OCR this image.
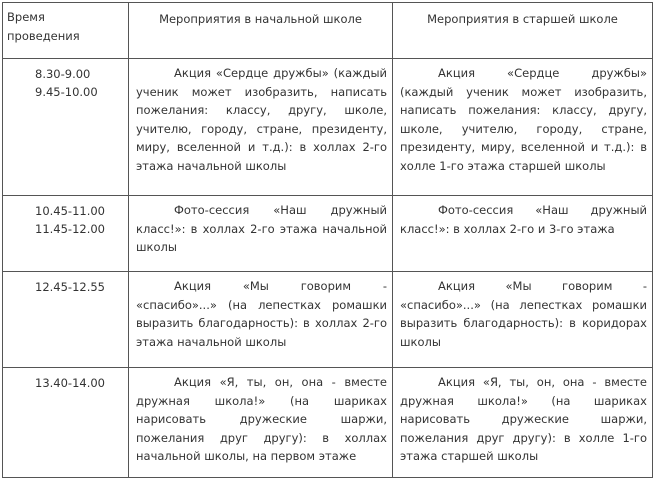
Время
проведения	Мероприятия в начальной школе	Мероприятия в старшей школе

8.30-9.00
9.45-10.00	Акция «Сердце дружбы» (каждый ученик может изобразить, написать пожелания: классу, другу, школе, учителю, городу, стране, президенту, миру, вселенной и т.д.): в холлах 2-го этажа начальной школы	Акция «Сердце дружбы» (каждый ученик может изобразить, написать пожелания: классу, другу, школе, учителю, городу, стране, президенту, миру, вселенной и т.д.): в холле 1-го этажа старшей школы

10.45-11.00
11.45-12.00	Фото-сессия «Наш дружный класс!»: в холлах 2-го этажа начальной школы	Фото-сессия «Наш дружный класс!»: в холлах 2-го и 3-го этажа

12.45-12.55	Акция «Мы говорим - «спасибо»...» (на лепестках ромашки выразить благодарность): в холлах 2-го этажа начальной школы	Акция «Мы говорим - «спасибо»...» (на лепестках ромашки выразить благодарность): в коридорах школы

13.40-14.00	Акция «Я, ты, он, она - вместе дружная школа!» (на шариках нарисовать дружеские шаржи, пожелания друг другу): в холлах начальной школы, на первом этаже	Акция «Я, ты, он, она - вместе дружная школа!» (на шариках нарисовать дружеские шаржи, пожелания друг другу): в холле 1-го этажа старшей школы
